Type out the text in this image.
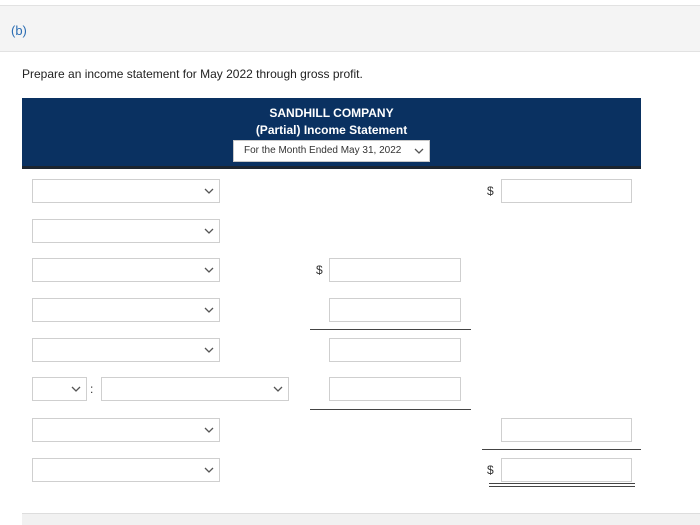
(b)
Prepare an income statement for May 2022 through gross profit.
SANDHILL COMPANY
(Partial) Income Statement
For the Month Ended May 31, 2022
$
$
:
$
